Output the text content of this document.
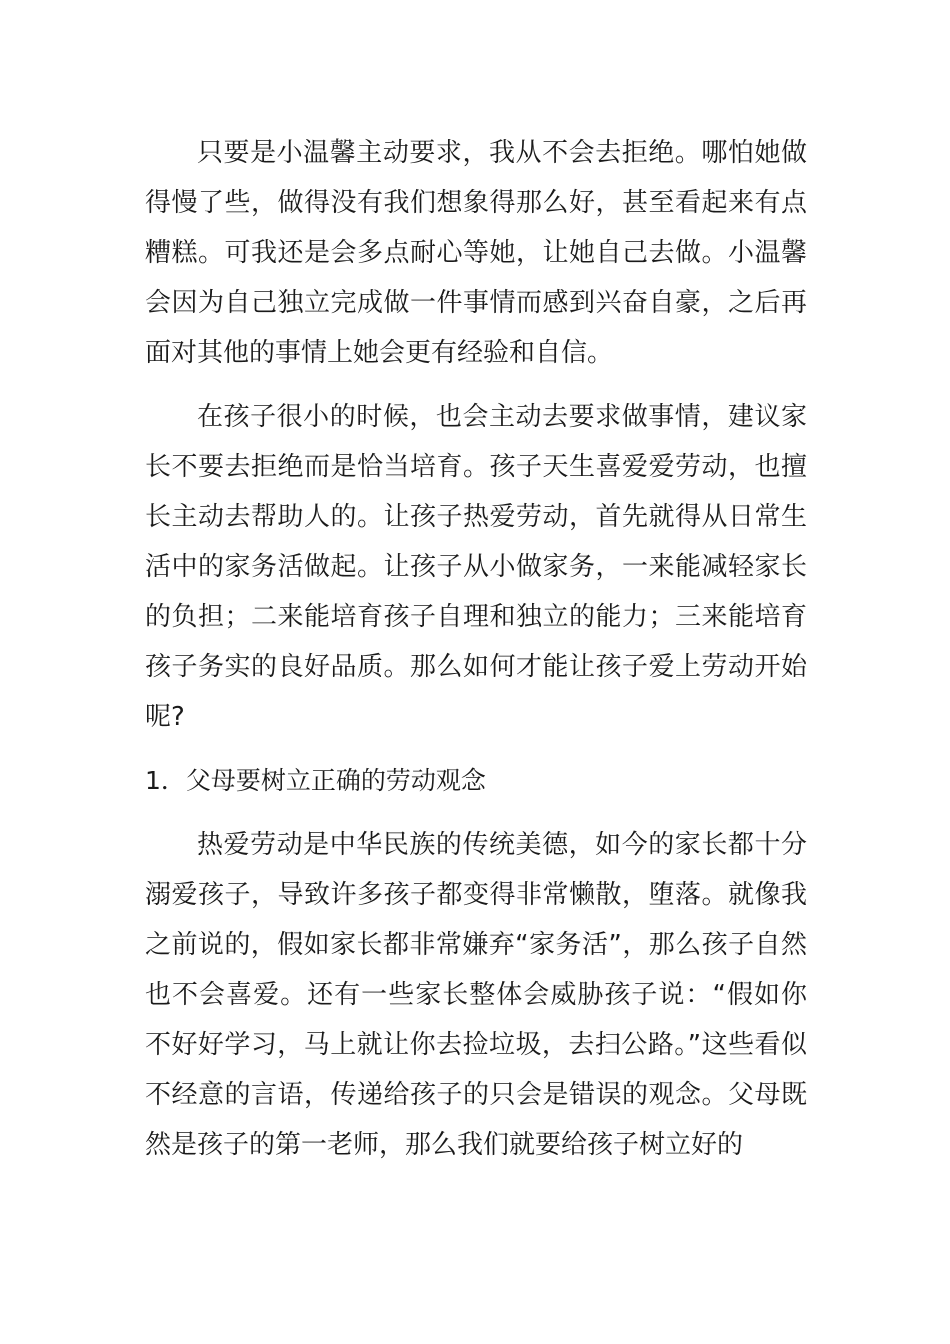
只要是小温馨主动要求，我从不会去拒绝。哪怕她做得慢了些，做得没有我们想象得那么好，甚至看起来有点糟糕。可我还是会多点耐心等她，让她自己去做。小温馨会因为自己独立完成做一件事情而感到兴奋自豪，之后再面对其他的事情上她会更有经验和自信。

在孩子很小的时候，也会主动去要求做事情，建议家长不要去拒绝而是恰当培育。孩子天生喜爱爱劳动，也擅长主动去帮助人的。让孩子热爱劳动，首先就得从日常生活中的家务活做起。让孩子从小做家务，一来能减轻家长的负担；二来能培育孩子自理和独立的能力；三来能培育孩子务实的良好品质。那么如何才能让孩子爱上劳动开始呢?

1．父母要树立正确的劳动观念

热爱劳动是中华民族的传统美德，如今的家长都十分溺爱孩子，导致许多孩子都变得非常懒散，堕落。就像我之前说的，假如家长都非常嫌弃“家务活”，那么孩子自然也不会喜爱。还有一些家长整体会威胁孩子说：“假如你不好好学习，马上就让你去捡垃圾，去扫公路。”这些看似不经意的言语，传递给孩子的只会是错误的观念。父母既然是孩子的第一老师，那么我们就要给孩子树立好的
